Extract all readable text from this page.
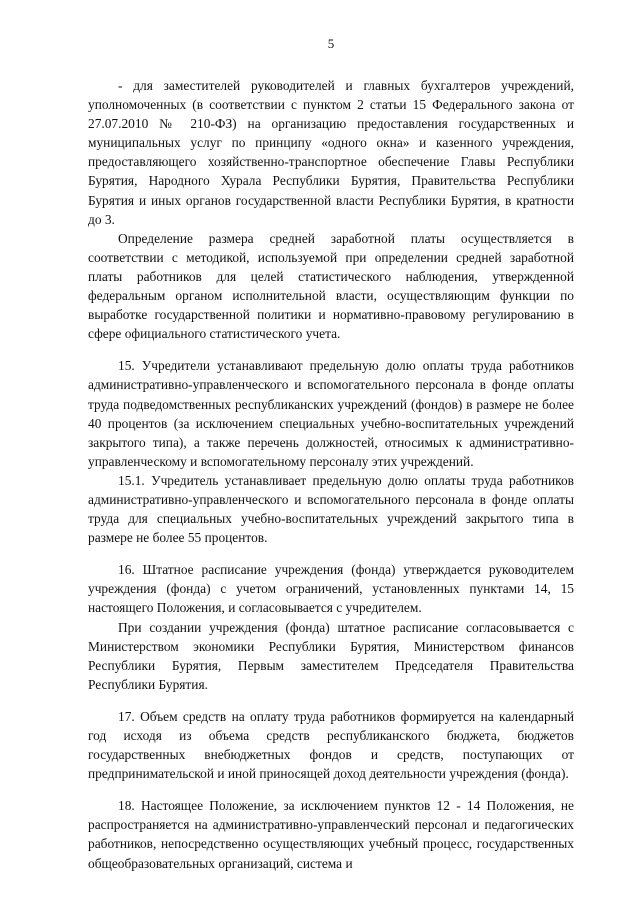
5

- для заместителей руководителей и главных бухгалтеров учреждений, уполномоченных (в соответствии с пунктом 2 статьи 15 Федерального закона от 27.07.2010 № 210-ФЗ) на организацию предоставления государственных и муниципальных услуг по принципу «одного окна» и казенного учреждения, предоставляющего хозяйственно-транспортное обеспечение Главы Республики Бурятия, Народного Хурала Республики Бурятия, Правительства Республики Бурятия и иных органов государственной власти Республики Бурятия, в кратности до 3.

Определение размера средней заработной платы осуществляется в соответствии с методикой, используемой при определении средней заработной платы работников для целей статистического наблюдения, утвержденной федеральным органом исполнительной власти, осуществляющим функции по выработке государственной политики и нормативно-правовому регулированию в сфере официального статистического учета.

15. Учредители устанавливают предельную долю оплаты труда работников административно-управленческого и вспомогательного персонала в фонде оплаты труда подведомственных республиканских учреждений (фондов) в размере не более 40 процентов (за исключением специальных учебно-воспитательных учреждений закрытого типа), а также перечень должностей, относимых к административно-управленческому и вспомогательному персоналу этих учреждений.

15.1. Учредитель устанавливает предельную долю оплаты труда работников административно-управленческого и вспомогательного персонала в фонде оплаты труда для специальных учебно-воспитательных учреждений закрытого типа в размере не более 55 процентов.

16. Штатное расписание учреждения (фонда) утверждается руководителем учреждения (фонда) с учетом ограничений, установленных пунктами 14, 15 настоящего Положения, и согласовывается с учредителем.

При создании учреждения (фонда) штатное расписание согласовывается с Министерством экономики Республики Бурятия, Министерством финансов Республики Бурятия, Первым заместителем Председателя Правительства Республики Бурятия.

17. Объем средств на оплату труда работников формируется на календарный год исходя из объема средств республиканского бюджета, бюджетов государственных внебюджетных фондов и средств, поступающих от предпринимательской и иной приносящей доход деятельности учреждения (фонда).

18. Настоящее Положение, за исключением пунктов 12 - 14 Положения, не распространяется на административно-управленческий персонал и педагогических работников, непосредственно осуществляющих учебный процесс, государственных общеобразовательных организаций, система и
